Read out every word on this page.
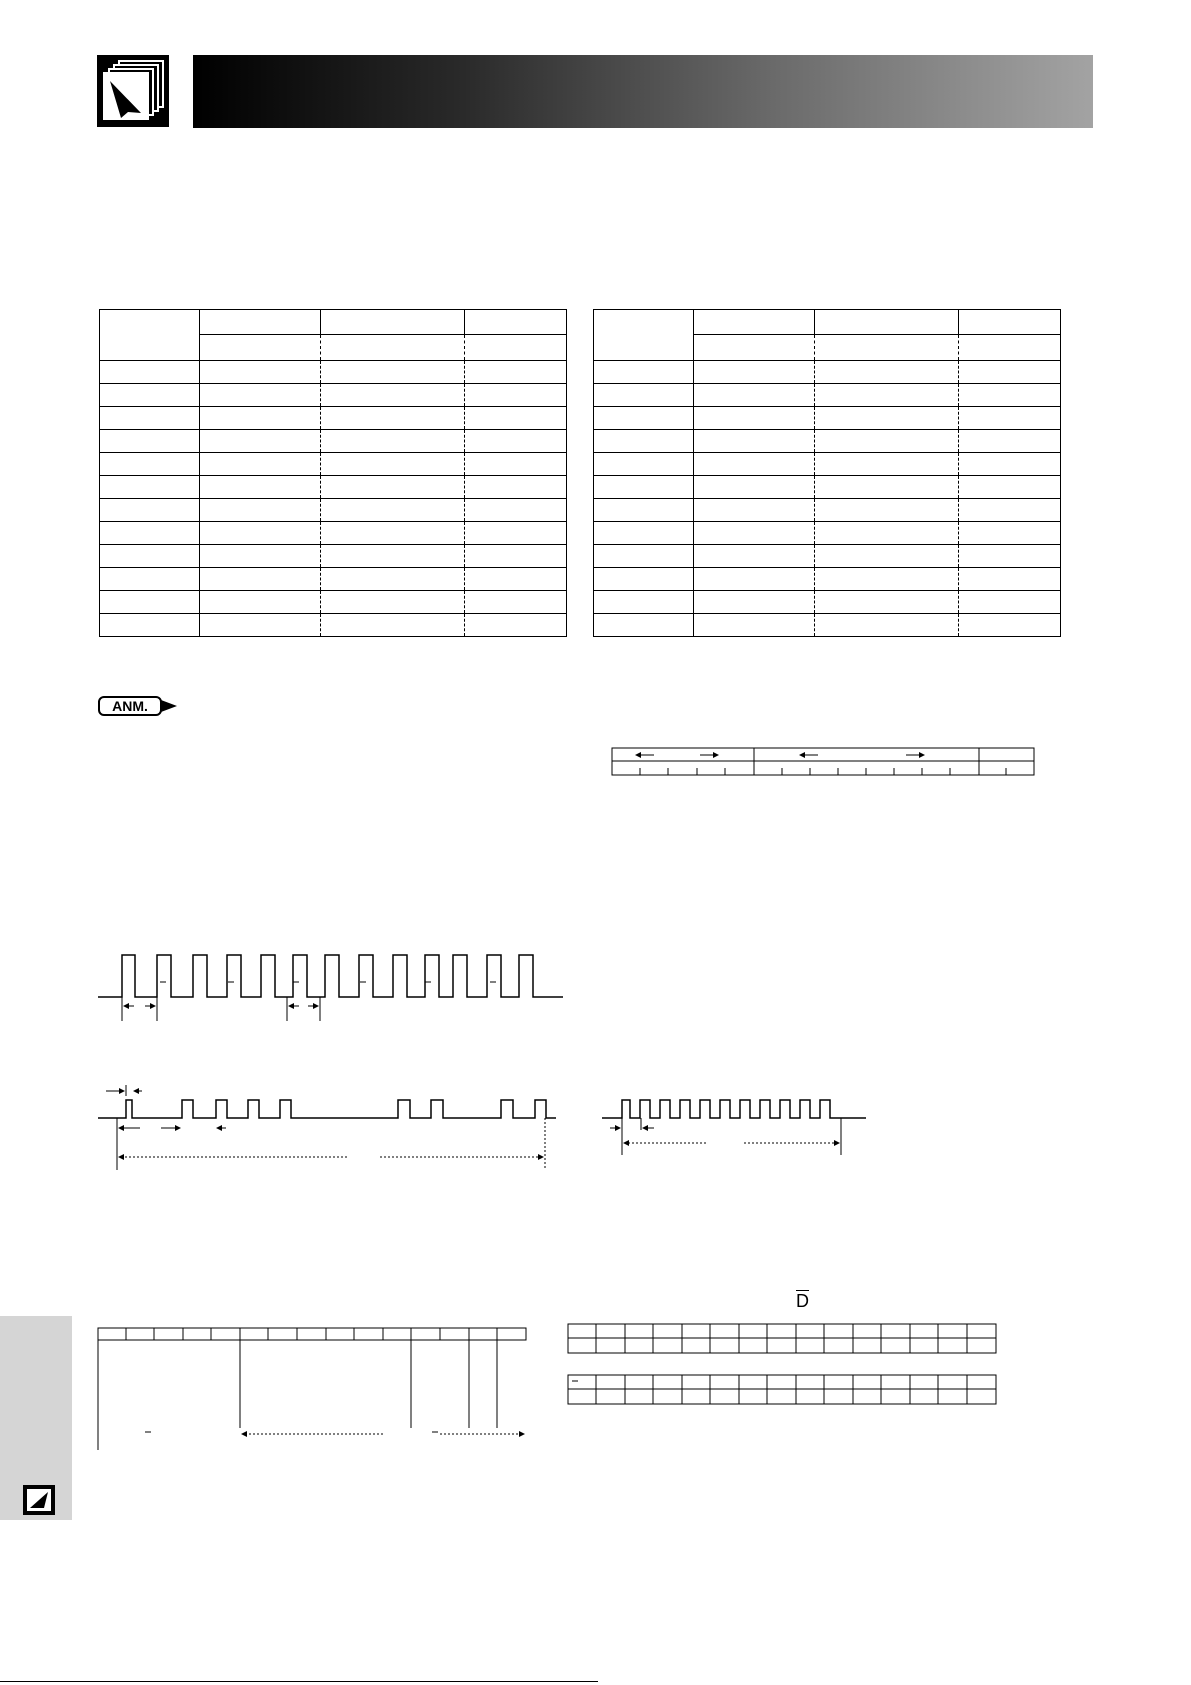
ANM.
$\overline{D}$
